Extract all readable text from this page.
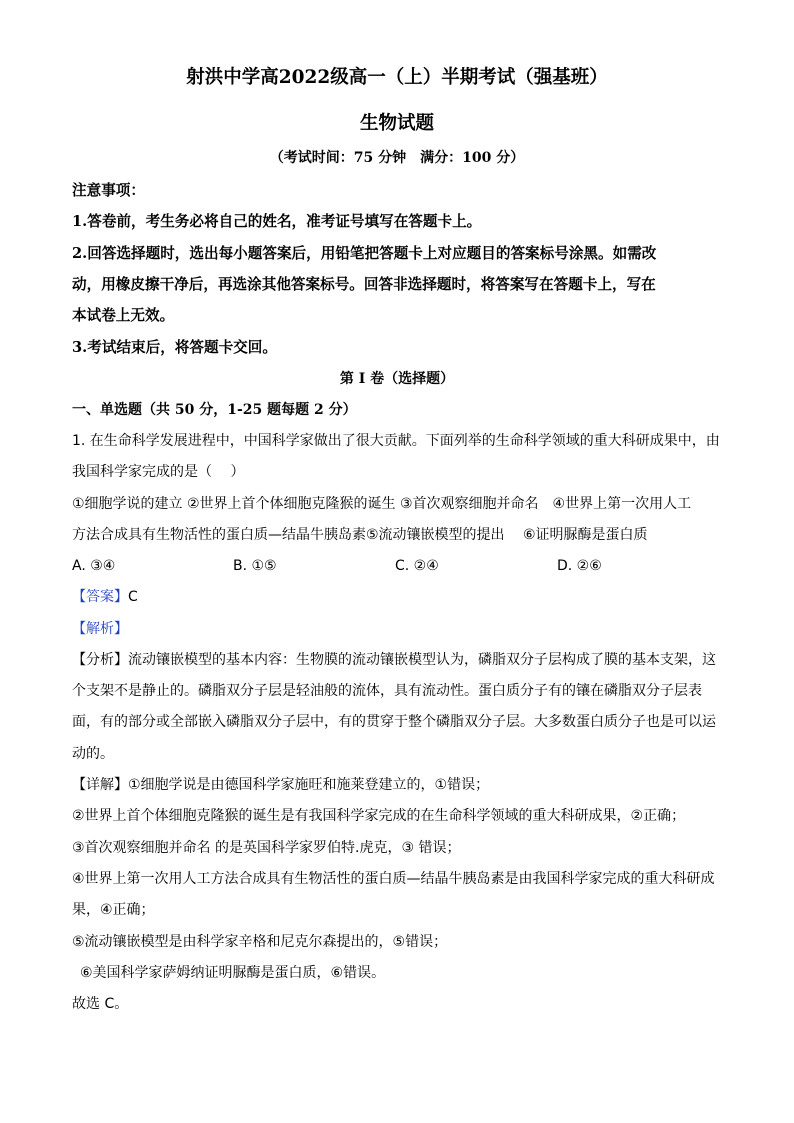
射洪中学高2022级高一（上）半期考试（强基班）
生物试题
（考试时间：75 分钟　满分：100 分）
注意事项：
1.答卷前，考生务必将自己的姓名，准考证号填写在答题卡上。
2.回答选择题时，选出每小题答案后，用铅笔把答题卡上对应题目的答案标号涂黑。如需改
动，用橡皮擦干净后，再选涂其他答案标号。回答非选择题时，将答案写在答题卡上，写在
本试卷上无效。
3.考试结束后，将答题卡交回。
第 I 卷（选择题）
一、单选题（共 50 分，1-25 题每题 2 分）
1. 在生命科学发展进程中，中国科学家做出了很大贡献。下面列举的生命科学领域的重大科研成果中，由
我国科学家完成的是（　 ）
①细胞学说的建立 ②世界上首个体细胞克隆猴的诞生 ③首次观察细胞并命名　④世界上第一次用人工
方法合成具有生物活性的蛋白质—结晶牛胰岛素⑤流动镶嵌模型的提出　 ⑥证明脲酶是蛋白质
A. ③④	B. ①⑤	C. ②④	D. ②⑥
【答案】C
【解析】
【分析】流动镶嵌模型的基本内容：生物膜的流动镶嵌模型认为，磷脂双分子层构成了膜的基本支架，这
个支架不是静止的。磷脂双分子层是轻油般的流体，具有流动性。蛋白质分子有的镶在磷脂双分子层表
面，有的部分或全部嵌入磷脂双分子层中，有的贯穿于整个磷脂双分子层。大多数蛋白质分子也是可以运
动的。
【详解】①细胞学说是由德国科学家施旺和施莱登建立的，①错误；
②世界上首个体细胞克隆猴的诞生是有我国科学家完成的在生命科学领域的重大科研成果，②正确；
③首次观察细胞并命名 的是英国科学家罗伯特.虎克，③ 错误；
④世界上第一次用人工方法合成具有生物活性的蛋白质—结晶牛胰岛素是由我国科学家完成的重大科研成
果，④正确；
⑤流动镶嵌模型是由科学家辛格和尼克尔森提出的，⑤错误；
⑥美国科学家萨姆纳证明脲酶是蛋白质，⑥错误。
故选 C。
